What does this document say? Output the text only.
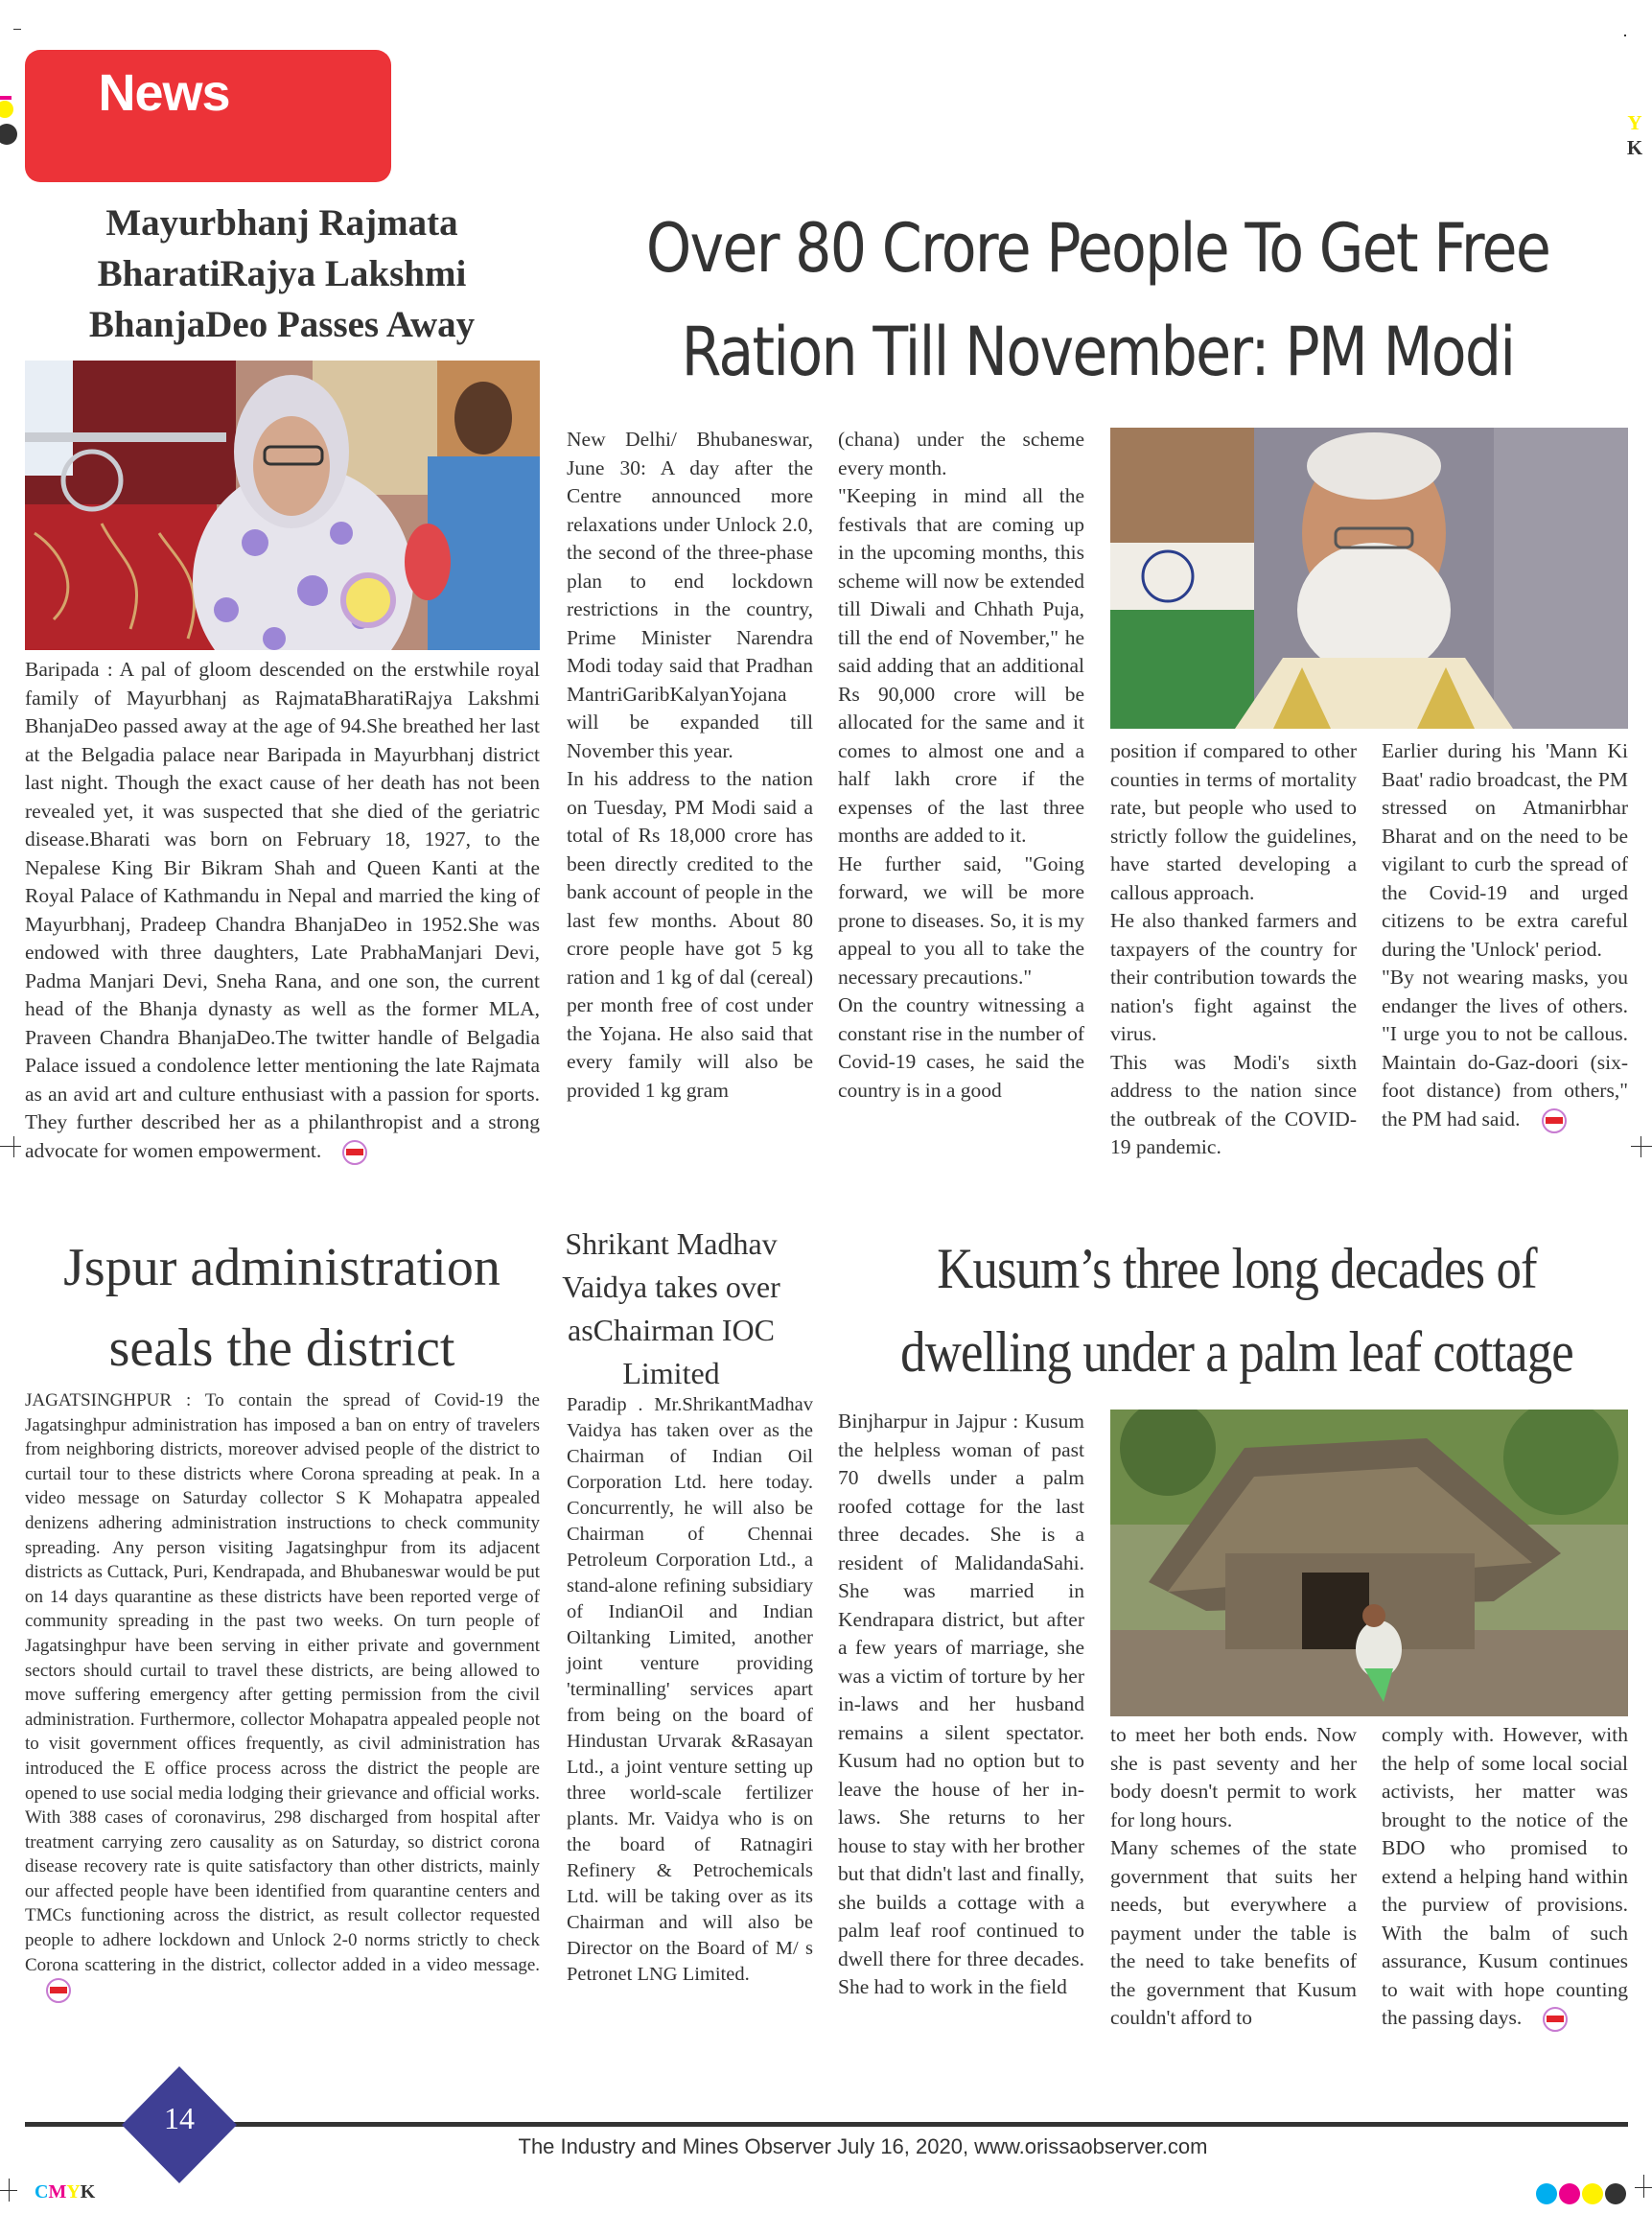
Y
K
News
Mayurbhanj Rajmata BharatiRajya Lakshmi BhanjaDeo Passes Away

Baripada : A pal of gloom descended on the erstwhile royal family of Mayurbhanj as RajmataBharatiRajya Lakshmi BhanjaDeo passed away at the age of 94.She breathed her last at the Belgadia palace near Baripada in Mayurbhanj district last night. Though the exact cause of her death has not been revealed yet, it was suspected that she died of the geriatric disease.Bharati was born on February 18, 1927, to the Nepalese King Bir Bikram Shah and Queen Kanti at the Royal Palace of Kathmandu in Nepal and married the king of Mayurbhanj, Pradeep Chandra BhanjaDeo in 1952.She was endowed with three daughters, Late PrabhaManjari Devi, Padma Manjari Devi, Sneha Rana, and one son, the current head of the Bhanja dynasty as well as the former MLA, Praveen Chandra BhanjaDeo.The twitter handle of Belgadia Palace issued a condolence letter mentioning the late Rajmata as an avid art and culture enthusiast with a passion for sports. They further described her as a philanthropist and a strong advocate for women empowerment.

Over 80 Crore People To Get Free
Ration Till November: PM Modi

New Delhi/ Bhubaneswar, June 30: A day after the Centre announced more relaxations under Unlock 2.0, the second of the three-phase plan to end lockdown restrictions in the country, Prime Minister Narendra Modi today said that Pradhan MantriGaribKalyanYojana will be expanded till November this year.

In his address to the nation on Tuesday, PM Modi said a total of Rs 18,000 crore has been directly credited to the bank account of people in the last few months. About 80 crore people have got 5 kg ration and 1 kg of dal (cereal) per month free of cost under the Yojana. He also said that every family will also be provided 1 kg gram

(chana) under the scheme every month.

"Keeping in mind all the festivals that are coming up in the upcoming months, this scheme will now be extended till Diwali and Chhath Puja, till the end of November," he said adding that an additional Rs 90,000 crore will be allocated for the same and it comes to almost one and a half lakh crore if the expenses of the last three months are added to it.

He further said, "Going forward, we will be more prone to diseases. So, it is my appeal to you all to take the necessary precautions."

On the country witnessing a constant rise in the number of Covid-19 cases, he said the country is in a good

position if compared to other counties in terms of mortality rate, but people who used to strictly follow the guidelines, have started developing a callous approach.

He also thanked farmers and taxpayers of the country for their contribution towards the nation's fight against the virus.

This was Modi's sixth address to the nation since the outbreak of the COVID-19 pandemic.

Earlier during his 'Mann Ki Baat' radio broadcast, the PM stressed on Atmanirbhar Bharat and on the need to be vigilant to curb the spread of the Covid-19 and urged citizens to be extra careful during the 'Unlock' period.

"By not wearing masks, you endanger the lives of others. "I urge you to not be callous. Maintain do-Gaz-doori (six-foot distance) from others," the PM had said.

Jspur administration
seals the district

JAGATSINGHPUR : To contain the spread of Covid-19 the Jagatsinghpur administration has imposed a ban on entry of travelers from neighboring districts, moreover advised people of the district to curtail tour to these districts where Corona spreading at peak. In a video message on Saturday collector S K Mohapatra appealed denizens adhering administration instructions to check community spreading. Any person visiting Jagatsinghpur from its adjacent districts as Cuttack, Puri, Kendrapada, and Bhubaneswar would be put on 14 days quarantine as these districts have been reported verge of community spreading in the past two weeks. On turn people of Jagatsinghpur have been serving in either private and government sectors should curtail to travel these districts, are being allowed to move suffering emergency after getting permission from the civil administration. Furthermore, collector Mohapatra appealed people not to visit government offices frequently, as civil administration has introduced the E office process across the district the people are opened to use social media lodging their grievance and official works. With 388 cases of coronavirus, 298 discharged from hospital after treatment carrying zero causality as on Saturday, so district corona disease recovery rate is quite satisfactory than other districts, mainly our affected people have been identified from quarantine centers and TMCs functioning across the district, as result collector requested people to adhere lockdown and Unlock 2-0 norms strictly to check Corona scattering in the district, collector added in a video message.

Shrikant Madhav Vaidya takes over asChairman IOC Limited

Paradip . Mr.ShrikantMadhav Vaidya has taken over as the Chairman of Indian Oil Corporation Ltd. here today. Concurrently, he will also be Chairman of Chennai Petroleum Corporation Ltd., a stand-alone refining subsidiary of IndianOil and Indian Oiltanking Limited, another joint venture providing 'terminalling' services apart from being on the board of Hindustan Urvarak &Rasayan Ltd., a joint venture setting up three world-scale fertilizer plants. Mr. Vaidya who is on the board of Ratnagiri Refinery & Petrochemicals Ltd. will be taking over as its Chairman and will also be Director on the Board of M/ s Petronet LNG Limited.

Kusum’s three long decades of
dwelling under a palm leaf cottage

Binjharpur in Jajpur : Kusum the helpless woman of past 70 dwells under a palm roofed cottage for the last three decades. She is a resident of MalidandaSahi. She was married in Kendrapara district, but after a few years of marriage, she was a victim of torture by her in-laws and her husband remains a silent spectator. Kusum had no option but to leave the house of her in-laws. She returns to her house to stay with her brother but that didn't last and finally, she builds a cottage with a palm leaf roof continued to dwell there for three decades. She had to work in the field

to meet her both ends. Now she is past seventy and her body doesn't permit to work for long hours.

Many schemes of the state government that suits her needs, but everywhere a payment under the table is the need to take benefits of the government that Kusum couldn't afford to

comply with. However, with the help of some local social activists, her matter was brought to the notice of the BDO who promised to extend a helping hand within the purview of provisions. With the balm of such assurance, Kusum continues to wait with hope counting the passing days.

14
The Industry and Mines Observer July 16, 2020, www.orissaobserver.com
CMYK
